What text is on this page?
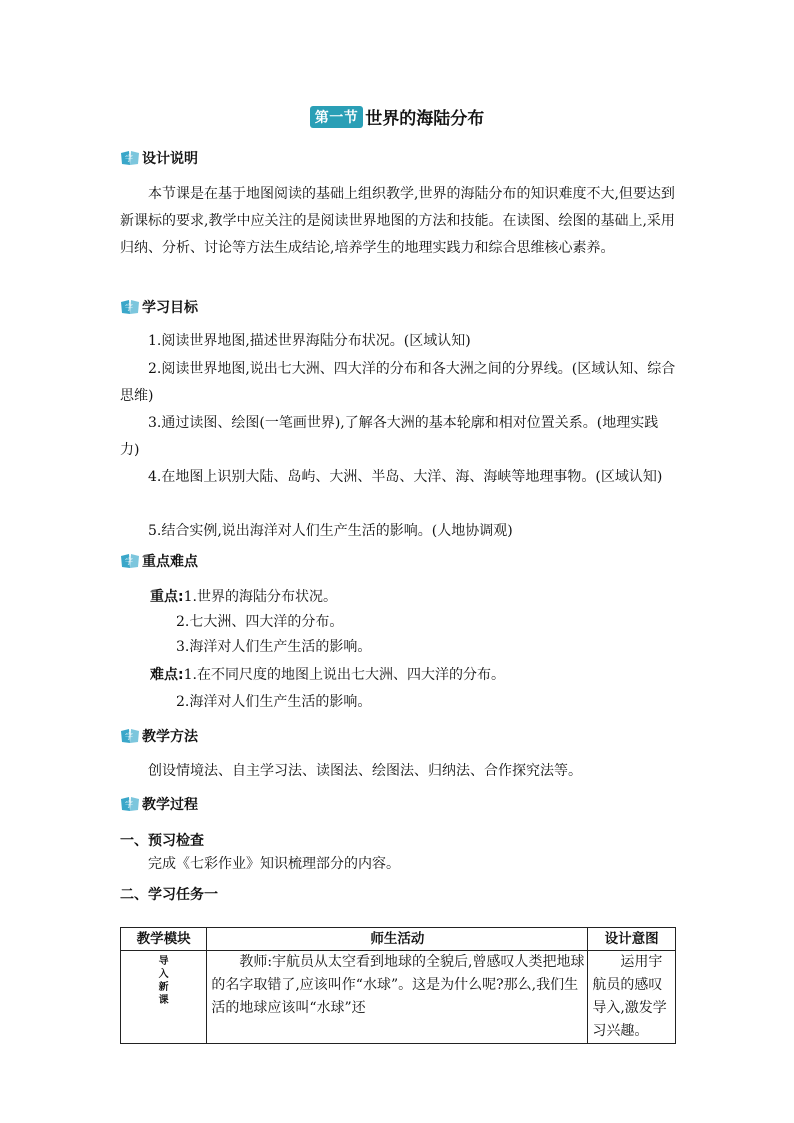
第一节 世界的海陆分布
字 设计说明

本节课是在基于地图阅读的基础上组织教学,世界的海陆分布的知识难度不大,但要达到新课标的要求,教学中应关注的是阅读世界地图的方法和技能。在读图、绘图的基础上,采用归纳、分析、讨论等方法生成结论,培养学生的地理实践力和综合思维核心素养。

字 学习目标

1.阅读世界地图,描述世界海陆分布状况。(区域认知)

2.阅读世界地图,说出七大洲、四大洋的分布和各大洲之间的分界线。(区域认知、综合思维)

3.通过读图、绘图(一笔画世界),了解各大洲的基本轮廓和相对位置关系。(地理实践力)

4.在地图上识别大陆、岛屿、大洲、半岛、大洋、海、海峡等地理事物。(区域认知)

5.结合实例,说出海洋对人们生产生活的影响。(人地协调观)

字 重点难点
重点:1.世界的海陆分布状况。
2.七大洲、四大洋的分布。
3.海洋对人们生产生活的影响。
难点:1.在不同尺度的地图上说出七大洲、四大洋的分布。
2.海洋对人们生产生活的影响。
字 教学方法
创设情境法、自主学习法、读图法、绘图法、归纳法、合作探究法等。
字 教学过程
一、预习检查
完成《七彩作业》知识梳理部分的内容。
二、学习任务一
教学模块	师生活动	设计意图

导
入
新
课	教师:宇航员从太空看到地球的全貌后,曾感叹人类把地球的名字取错了,应该叫作“水球”。这是为什么呢?那么,我们生活的地球应该叫“水球”还	运用宇航员的感叹导入,激发学习兴趣。
